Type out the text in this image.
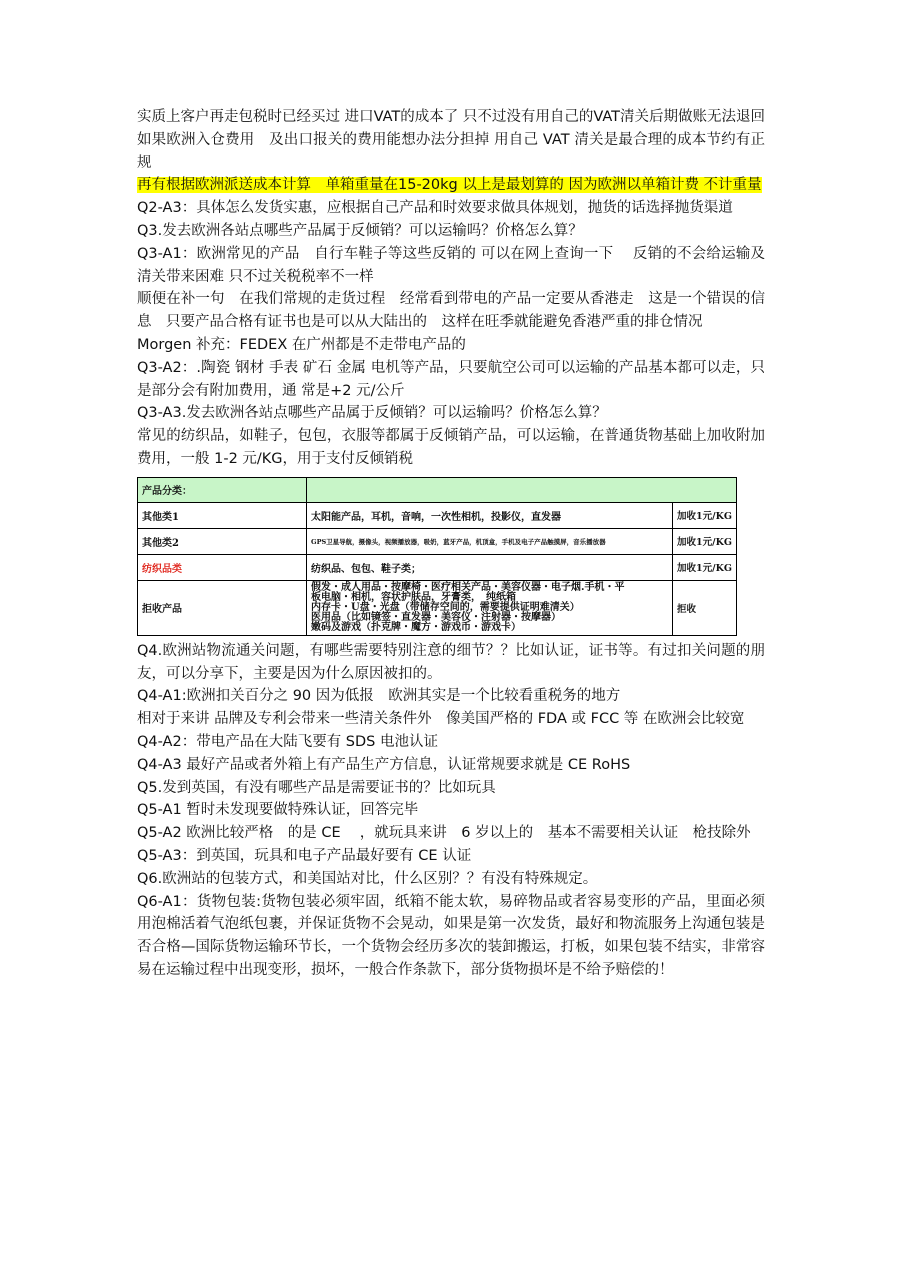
实质上客户再走包税时已经买过 进口VAT的成本了 只不过没有用自己的VAT清关后期做账无法退回　如果欧洲入仓费用　及出口报关的费用能想办法分担掉 用自己 VAT 清关是最合理的成本节约有正规

再有根据欧洲派送成本计算　单箱重量在15-20kg 以上是最划算的 因为欧洲以单箱计费 不计重量

Q2-A3：具体怎么发货实惠，应根据自己产品和时效要求做具体规划，抛货的话选择抛货渠道

Q3.发去欧洲各站点哪些产品属于反倾销？可以运输吗？价格怎么算？

Q3-A1：欧洲常见的产品　自行车鞋子等这些反销的 可以在网上查询一下　 反销的不会给运输及清关带来困难 只不过关税税率不一样

顺便在补一句　在我们常规的走货过程　经常看到带电的产品一定要从香港走　这是一个错误的信息　只要产品合格有证书也是可以从大陆出的　这样在旺季就能避免香港严重的排仓情况

Morgen 补充：FEDEX 在广州都是不走带电产品的

Q3-A2：.陶瓷 钢材 手表 矿石 金属 电机等产品，只要航空公司可以运输的产品基本都可以走，只是部分会有附加费用，通 常是+2 元/公斤

Q3-A3.发去欧洲各站点哪些产品属于反倾销？可以运输吗？价格怎么算？

常见的纺织品，如鞋子，包包，衣服等都属于反倾销产品，可以运输，在普通货物基础上加收附加费用，一般 1-2 元/KG，用于支付反倾销税

产品分类：		
其他类1	太阳能产品，耳机，音响，一次性相机，投影仪，直发器	加收1元/KG
其他类2	GPS卫星导航，摄像头，视频播放器，吸奶，蓝牙产品，机顶盒，手机及电子产品触摸屏，音乐播放器	加收1元/KG
纺织品类	纺织品、包包、鞋子类；	加收1元/KG
拒收产品	假发・成人用品・按摩椅・医疗相关产品・美容仪器・电子烟.手机・平
板电脑・相机，容状护肤品，牙膏类，　纯纸箱
内存卡・U盘・光盘（带储存空间的，需要提供证明难清关）
医用品（比如镜签・直发器・美容仪・注射器・按摩器）
嫩码及游戏（扑克牌・魔方・游戏币・游戏卡）	拒收

Q4.欧洲站物流通关问题，有哪些需要特别注意的细节？？比如认证，证书等。有过扣关问题的朋友，可以分享下，主要是因为什么原因被扣的。

Q4-A1:欧洲扣关百分之 90 因为低报　欧洲其实是一个比较看重税务的地方

相对于来讲 品牌及专利会带来一些清关条件外　像美国严格的 FDA 或 FCC 等 在欧洲会比较宽

Q4-A2：带电产品在大陆飞要有 SDS 电池认证

Q4-A3 最好产品或者外箱上有产品生产方信息，认证常规要求就是 CE RoHS

Q5.发到英国，有没有哪些产品是需要证书的？比如玩具

Q5-A1 暂时未发现要做特殊认证，回答完毕

Q5-A2 欧洲比较严格　的是 CE　 ，就玩具来讲　6 岁以上的　基本不需要相关认证　枪技除外

Q5-A3：到英国，玩具和电子产品最好要有 CE 认证

Q6.欧洲站的包装方式，和美国站对比，什么区别？？有没有特殊规定。

Q6-A1：货物包装:货物包装必须牢固，纸箱不能太软，易碎物品或者容易变形的产品，里面必须用泡棉活着气泡纸包裹，并保证货物不会晃动，如果是第一次发货，最好和物流服务上沟通包装是否合格—国际货物运输环节长，一个货物会经历多次的装卸搬运，打板，如果包装不结实，非常容易在运输过程中出现变形，损坏，一般合作条款下，部分货物损坏是不给予赔偿的！
